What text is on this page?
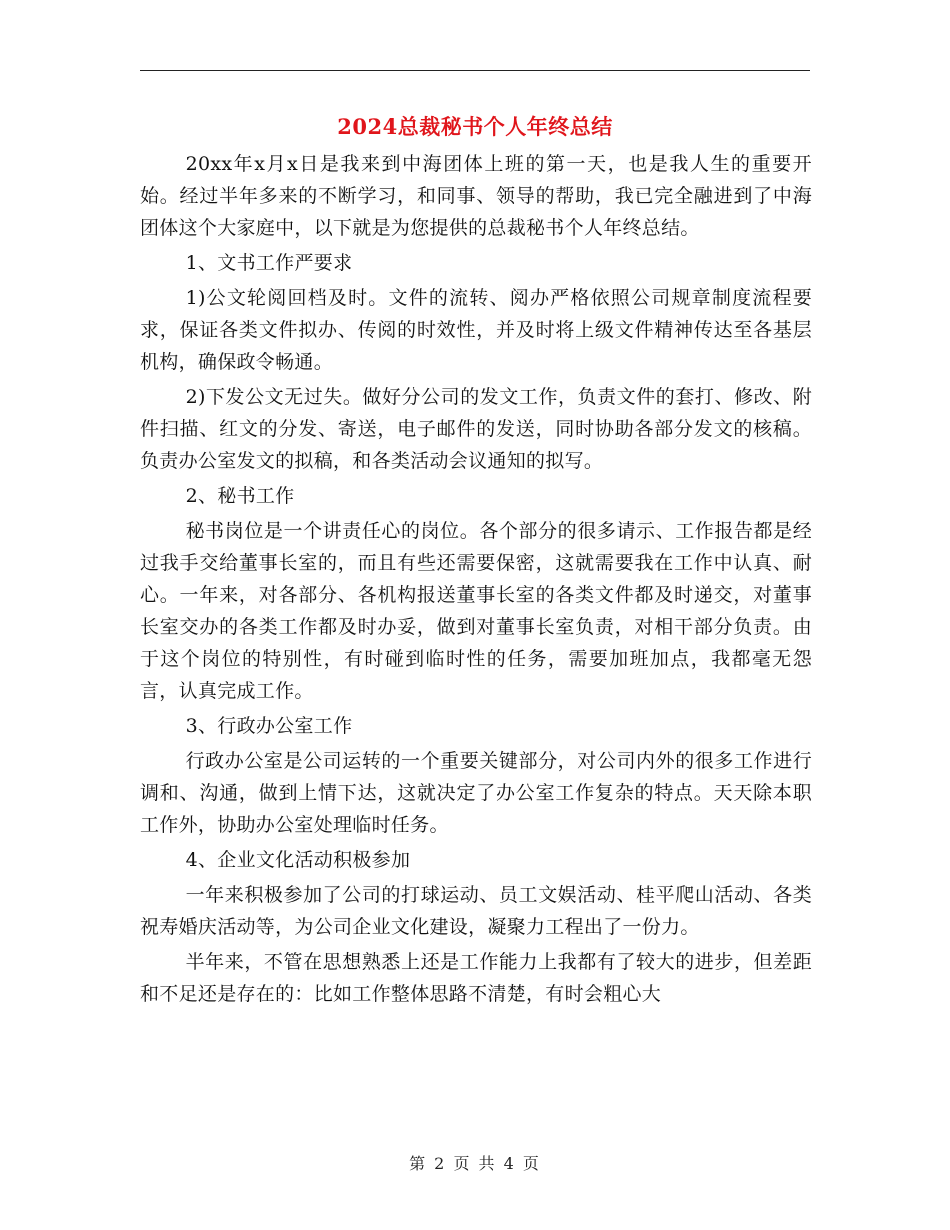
2024总裁秘书个人年终总结

20xx年x月x日是我来到中海团体上班的第一天，也是我人生的重要开始。经过半年多来的不断学习，和同事、领导的帮助，我已完全融进到了中海团体这个大家庭中，以下就是为您提供的总裁秘书个人年终总结。

1、文书工作严要求

1)公文轮阅回档及时。文件的流转、阅办严格依照公司规章制度流程要求，保证各类文件拟办、传阅的时效性，并及时将上级文件精神传达至各基层机构，确保政令畅通。

2)下发公文无过失。做好分公司的发文工作，负责文件的套打、修改、附件扫描、红文的分发、寄送，电子邮件的发送，同时协助各部分发文的核稿。负责办公室发文的拟稿，和各类活动会议通知的拟写。

2、秘书工作

秘书岗位是一个讲责任心的岗位。各个部分的很多请示、工作报告都是经过我手交给董事长室的，而且有些还需要保密，这就需要我在工作中认真、耐心。一年来，对各部分、各机构报送董事长室的各类文件都及时递交，对董事长室交办的各类工作都及时办妥，做到对董事长室负责，对相干部分负责。由于这个岗位的特别性，有时碰到临时性的任务，需要加班加点，我都毫无怨言，认真完成工作。

3、行政办公室工作

行政办公室是公司运转的一个重要关键部分，对公司内外的很多工作进行调和、沟通，做到上情下达，这就决定了办公室工作复杂的特点。天天除本职工作外，协助办公室处理临时任务。

4、企业文化活动积极参加

一年来积极参加了公司的打球运动、员工文娱活动、桂平爬山活动、各类祝寿婚庆活动等，为公司企业文化建设，凝聚力工程出了一份力。

半年来，不管在思想熟悉上还是工作能力上我都有了较大的进步，但差距和不足还是存在的：比如工作整体思路不清楚，有时会粗心大

第 2 页 共 4 页
